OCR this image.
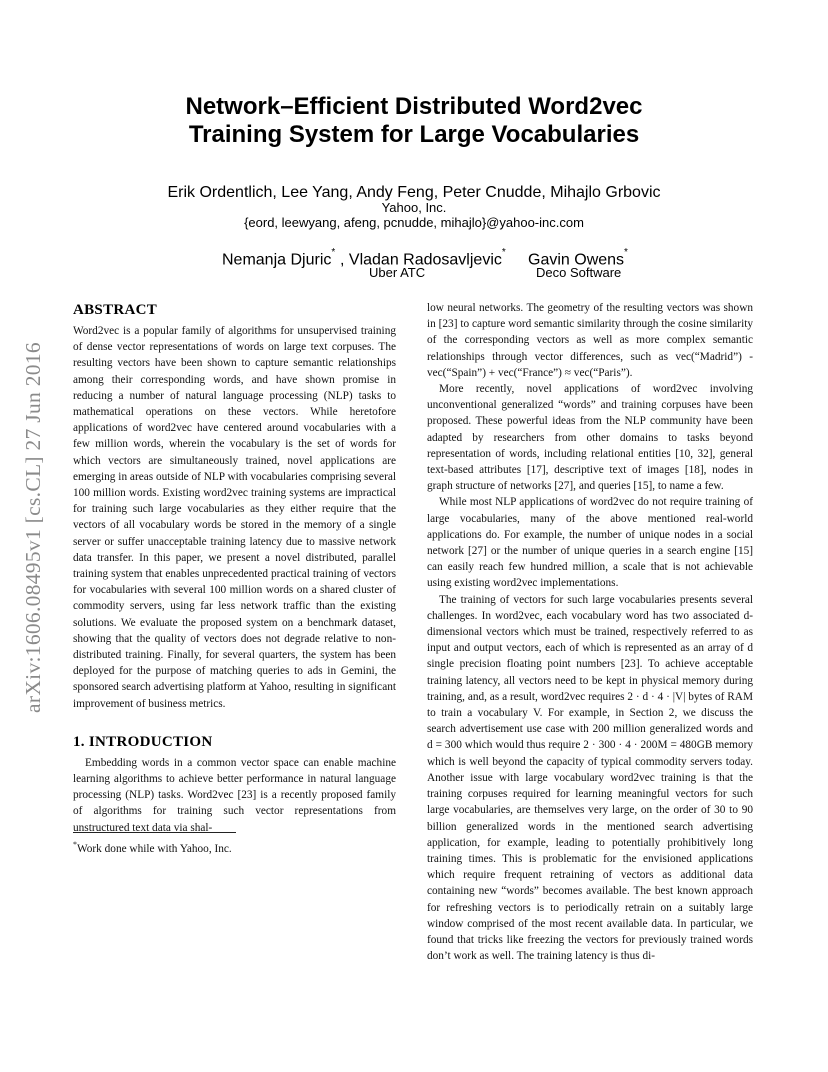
arXiv:1606.08495v1 [cs.CL] 27 Jun 2016
Network–Efficient Distributed Word2vec
Training System for Large Vocabularies
Erik Ordentlich, Lee Yang, Andy Feng, Peter Cnudde, Mihajlo Grbovic
Yahoo, Inc.
{eord, leewyang, afeng, pcnudde, mihajlo}@yahoo-inc.com
Nemanja Djuric* , Vladan Radosavljevic* Gavin Owens*
Uber ATC	Deco Software
ABSTRACT

Word2vec is a popular family of algorithms for unsupervised training of dense vector representations of words on large text corpuses. The resulting vectors have been shown to capture semantic relationships among their corresponding words, and have shown promise in reducing a number of natural language processing (NLP) tasks to mathematical operations on these vectors. While heretofore applications of word2vec have centered around vocabularies with a few million words, wherein the vocabulary is the set of words for which vectors are simultaneously trained, novel applications are emerging in areas outside of NLP with vocabularies comprising several 100 million words. Existing word2vec training systems are impractical for training such large vocabularies as they either require that the vectors of all vocabulary words be stored in the memory of a single server or suffer unacceptable training latency due to massive network data transfer. In this paper, we present a novel distributed, parallel training system that enables unprecedented practical training of vectors for vocabularies with several 100 million words on a shared cluster of commodity servers, using far less network traffic than the existing solutions. We evaluate the proposed system on a benchmark dataset, showing that the quality of vectors does not degrade relative to non-distributed training. Finally, for several quarters, the system has been deployed for the purpose of matching queries to ads in Gemini, the sponsored search advertising platform at Yahoo, resulting in significant improvement of business metrics.

1. INTRODUCTION

Embedding words in a common vector space can enable machine learning algorithms to achieve better performance in natural language processing (NLP) tasks. Word2vec [23] is a recently proposed family of algorithms for training such vector representations from unstructured text data via shal-

low neural networks. The geometry of the resulting vectors was shown in [23] to capture word semantic similarity through the cosine similarity of the corresponding vectors as well as more complex semantic relationships through vector differences, such as vec(“Madrid”) - vec(“Spain”) + vec(“France”) ≈ vec(“Paris”).

More recently, novel applications of word2vec involving unconventional generalized “words” and training corpuses have been proposed. These powerful ideas from the NLP community have been adapted by researchers from other domains to tasks beyond representation of words, including relational entities [10, 32], general text-based attributes [17], descriptive text of images [18], nodes in graph structure of networks [27], and queries [15], to name a few.

While most NLP applications of word2vec do not require training of large vocabularies, many of the above mentioned real-world applications do. For example, the number of unique nodes in a social network [27] or the number of unique queries in a search engine [15] can easily reach few hundred million, a scale that is not achievable using existing word2vec implementations.

The training of vectors for such large vocabularies presents several challenges. In word2vec, each vocabulary word has two associated d-dimensional vectors which must be trained, respectively referred to as input and output vectors, each of which is represented as an array of d single precision floating point numbers [23]. To achieve acceptable training latency, all vectors need to be kept in physical memory during training, and, as a result, word2vec requires 2 · d · 4 · |V| bytes of RAM to train a vocabulary V. For example, in Section 2, we discuss the search advertisement use case with 200 million generalized words and d = 300 which would thus require 2 · 300 · 4 · 200M = 480GB memory which is well beyond the capacity of typical commodity servers today. Another issue with large vocabulary word2vec training is that the training corpuses required for learning meaningful vectors for such large vocabularies, are themselves very large, on the order of 30 to 90 billion generalized words in the mentioned search advertising application, for example, leading to potentially prohibitively long training times. This is problematic for the envisioned applications which require frequent retraining of vectors as additional data containing new “words” becomes available. The best known approach for refreshing vectors is to periodically retrain on a suitably large window comprised of the most recent available data. In particular, we found that tricks like freezing the vectors for previously trained words don’t work as well. The training latency is thus di-

*Work done while with Yahoo, Inc.
